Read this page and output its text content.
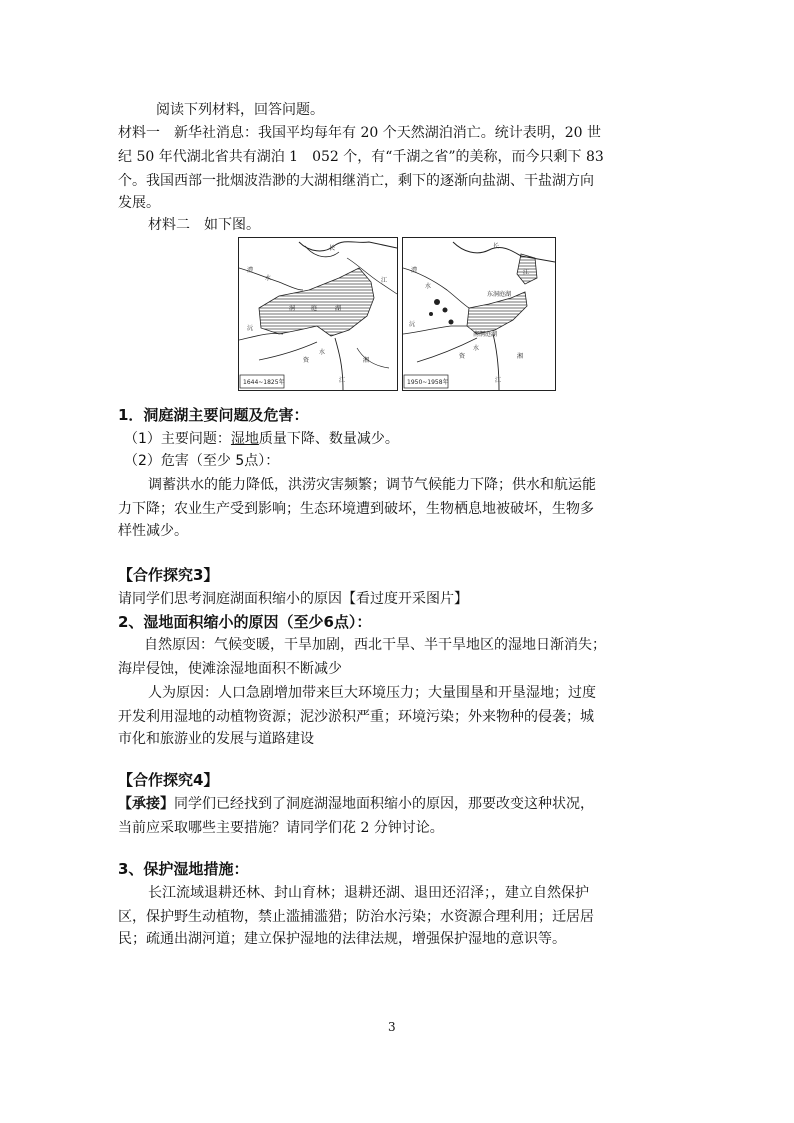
阅读下列材料，回答问题。
材料一　新华社消息：我国平均每年有 20 个天然湖泊消亡。统计表明，20 世
纪 50 年代湖北省共有湖泊 1　052 个，有“千湖之省”的美称，而今只剩下 83
个。我国西部一批烟波浩渺的大湖相继消亡，剩下的逐渐向盐湖、干盐湖方向
发展。
材料二　如下图。
长
江
澧
水
洞	庭	湖
沅
资	湘
江
水
1644~1825年
长
江
澧
水
沅
资	湘
江
东洞庭湖
南洞庭湖
水
1950~1958年
1．洞庭湖主要问题及危害：
（1）主要问题：湿地质量下降、数量减少。
（2）危害（至少 5点）：
调蓄洪水的能力降低，洪涝灾害频繁；调节气候能力下降；供水和航运能
力下降；农业生产受到影响；生态环境遭到破坏，生物栖息地被破坏，生物多
样性减少。
【合作探究3】
请同学们思考洞庭湖面积缩小的原因【看过度开采图片】
2、湿地面积缩小的原因（至少6点）：
自然原因：气候变暖，干旱加剧，西北干旱、半干旱地区的湿地日渐消失；
海岸侵蚀，使滩涂湿地面积不断减少
人为原因：人口急剧增加带来巨大环境压力；大量围垦和开垦湿地；过度
开发利用湿地的动植物资源；泥沙淤积严重；环境污染；外来物种的侵袭；城
市化和旅游业的发展与道路建设
【合作探究4】
【承接】同学们已经找到了洞庭湖湿地面积缩小的原因，那要改变这种状况，
当前应采取哪些主要措施？请同学们花 2 分钟讨论。
3、保护湿地措施：
长江流域退耕还林、封山育林；退耕还湖、退田还沼泽；，建立自然保护
区，保护野生动植物，禁止滥捕滥猎；防治水污染；水资源合理利用；迁居居
民；疏通出湖河道；建立保护湿地的法律法规，增强保护湿地的意识等。
3
